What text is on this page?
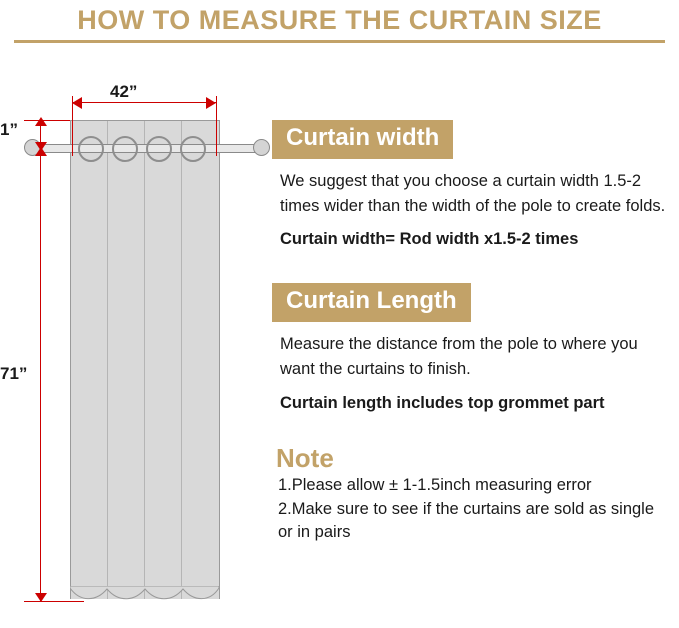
HOW TO MEASURE THE CURTAIN SIZE
42”
1”
71”
Curtain width
We suggest that you choose a curtain width 1.5-2 times wider than the width of the pole to create folds.
Curtain width= Rod width x1.5-2 times
Curtain Length
Measure the distance from the pole to where you want the curtains to finish.
Curtain length includes top grommet part
Note
1.Please allow ± 1-1.5inch measuring error
2.Make sure to see if the curtains are sold as single or in pairs
